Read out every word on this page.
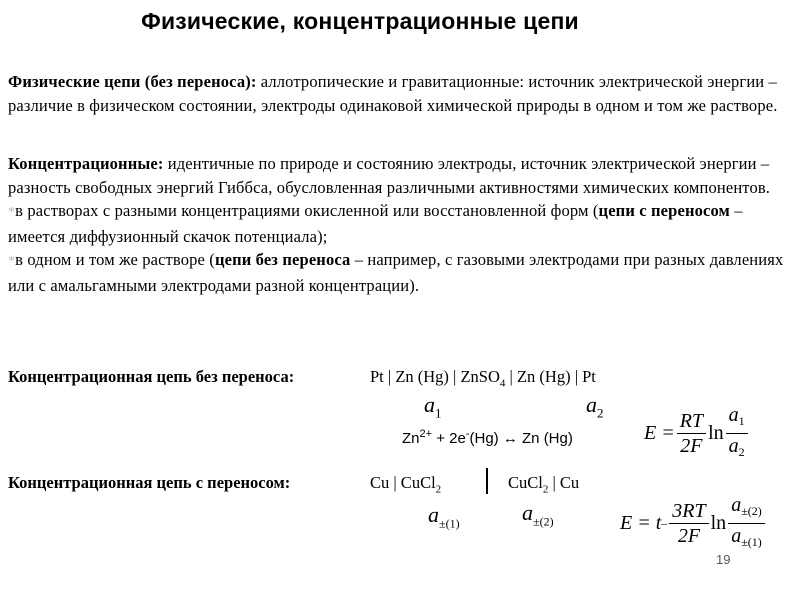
Физические, концентрационные цепи
Физические цепи (без переноса): аллотропические и гравитационные: источник электрической энергии – различие в физическом состоянии, электроды одинаковой химической природы в одном и том же растворе.
Концентрационные: идентичные по природе и состоянию электроды, источник электрической энергии – разность свободных энергий Гиббса, обусловленная различными активностями химических компонентов.
*в растворах с разными концентрациями окисленной или восстановленной форм (цепи с переносом – имеется диффузионный скачок потенциала);
*в одном и том же растворе (цепи без переноса – например, с газовыми электродами при разных давлениях или с амальгамными электродами разной концентрации).
Концентрационная цепь без переноса:	Pt | Zn (Hg) | ZnSO$_4$ | Zn (Hg) | Pt
$a_1$	$a_2$
$Zn^{2+} + 2e^-(Hg)$ ↔ Zn (Hg)	$E = \frac{RT}{2F}$ $\ln \frac{a_1}{a_2}$
Концентрационная цепь с переносом:	Cu | CuCl$_2$	CuCl$_2$ | Cu
$a_{\pm(1)}$	$a_{\pm(2)}$	$E = t - \frac{3RT}{2F}$ $\ln \frac{a_{\pm(2)}}{a_{\pm(1)}}$
19
